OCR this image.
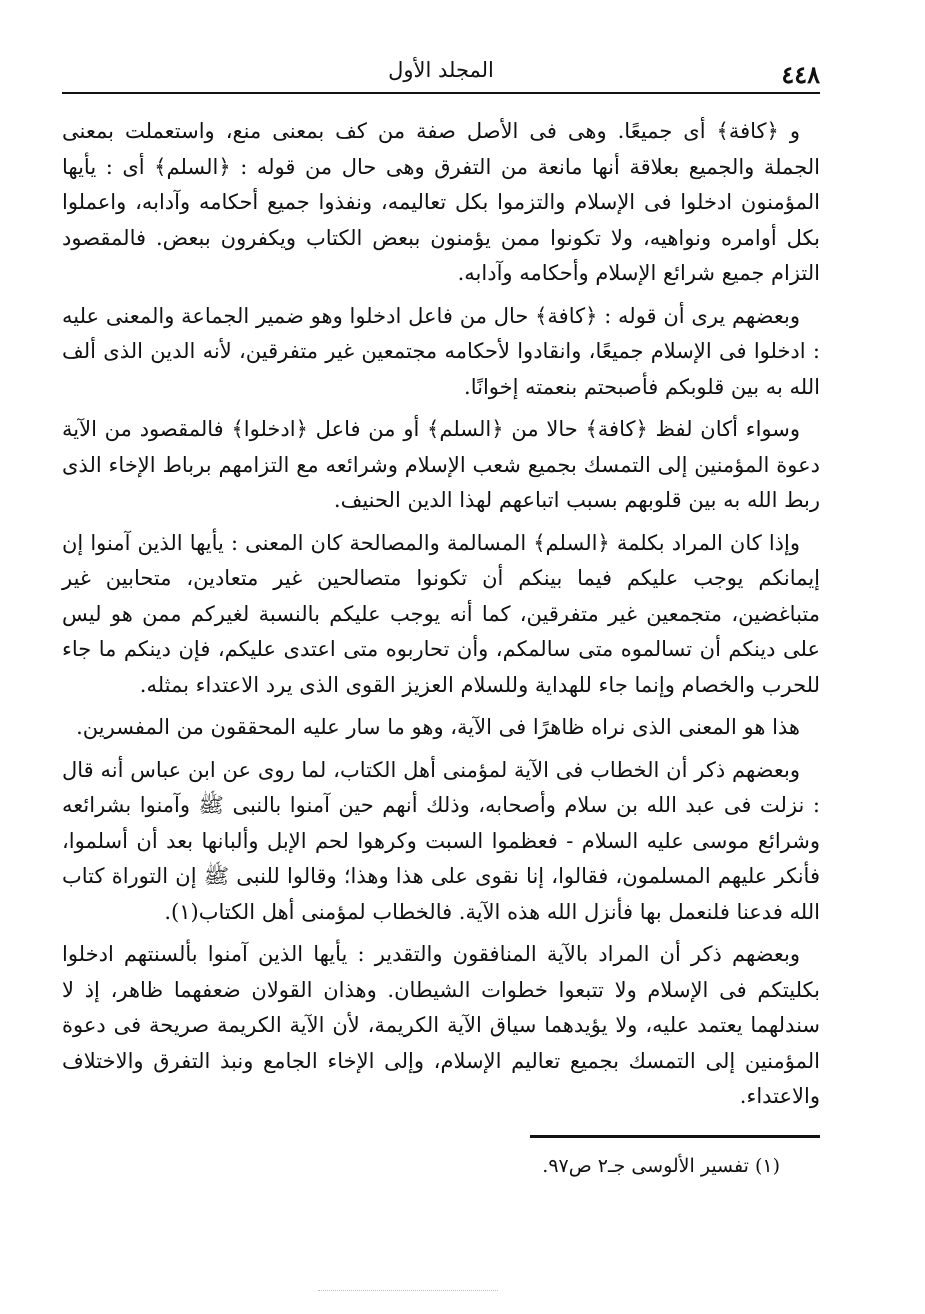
٤٤٨
المجلد الأول

و ﴿كافة﴾ أى جميعًا. وهى فى الأصل صفة من كف بمعنى منع، واستعملت بمعنى الجملة والجميع بعلاقة أنها مانعة من التفرق وهى حال من قوله : ﴿السلم﴾ أى : يأيها المؤمنون ادخلوا فى الإسلام والتزموا بكل تعاليمه، ونفذوا جميع أحكامه وآدابه، واعملوا بكل أوامره ونواهيه، ولا تكونوا ممن يؤمنون ببعض الكتاب ويكفرون ببعض. فالمقصود التزام جميع شرائع الإسلام وأحكامه وآدابه.

وبعضهم يرى أن قوله : ﴿كافة﴾ حال من فاعل ادخلوا وهو ضمير الجماعة والمعنى عليه : ادخلوا فى الإسلام جميعًا، وانقادوا لأحكامه مجتمعين غير متفرقين، لأنه الدين الذى ألف الله به بين قلوبكم فأصبحتم بنعمته إخوانًا.

وسواء أكان لفظ ﴿كافة﴾ حالا من ﴿السلم﴾ أو من فاعل ﴿ادخلوا﴾ فالمقصود من الآية دعوة المؤمنين إلى التمسك بجميع شعب الإسلام وشرائعه مع التزامهم برباط الإخاء الذى ربط الله به بين قلوبهم بسبب اتباعهم لهذا الدين الحنيف.

وإذا كان المراد بكلمة ﴿السلم﴾ المسالمة والمصالحة كان المعنى : يأيها الذين آمنوا إن إيمانكم يوجب عليكم فيما بينكم أن تكونوا متصالحين غير متعادين، متحابين غير متباغضين، متجمعين غير متفرقين، كما أنه يوجب عليكم بالنسبة لغيركم ممن هو ليس على دينكم أن تسالموه متى سالمكم، وأن تحاربوه متى اعتدى عليكم، فإن دينكم ما جاء للحرب والخصام وإنما جاء للهداية وللسلام العزيز القوى الذى يرد الاعتداء بمثله.

هذا هو المعنى الذى نراه ظاهرًا فى الآية، وهو ما سار عليه المحققون من المفسرين.

وبعضهم ذكر أن الخطاب فى الآية لمؤمنى أهل الكتاب، لما روى عن ابن عباس أنه قال : نزلت فى عبد الله بن سلام وأصحابه، وذلك أنهم حين آمنوا بالنبى ﷺ وآمنوا بشرائعه وشرائع موسى عليه السلام - فعظموا السبت وكرهوا لحم الإبل وألبانها بعد أن أسلموا، فأنكر عليهم المسلمون، فقالوا، إنا نقوى على هذا وهذا؛ وقالوا للنبى ﷺ إن التوراة كتاب الله فدعنا فلنعمل بها فأنزل الله هذه الآية. فالخطاب لمؤمنى أهل الكتاب(١).

وبعضهم ذكر أن المراد بالآية المنافقون والتقدير : يأيها الذين آمنوا بألسنتهم ادخلوا بكليتكم فى الإسلام ولا تتبعوا خطوات الشيطان. وهذان القولان ضعفهما ظاهر، إذ لا سندلهما يعتمد عليه، ولا يؤيدهما سياق الآية الكريمة، لأن الآية الكريمة صريحة فى دعوة المؤمنين إلى التمسك بجميع تعاليم الإسلام، وإلى الإخاء الجامع ونبذ التفرق والاختلاف والاعتداء.

(١) تفسير الألوسى جـ٢ ص٩٧.
